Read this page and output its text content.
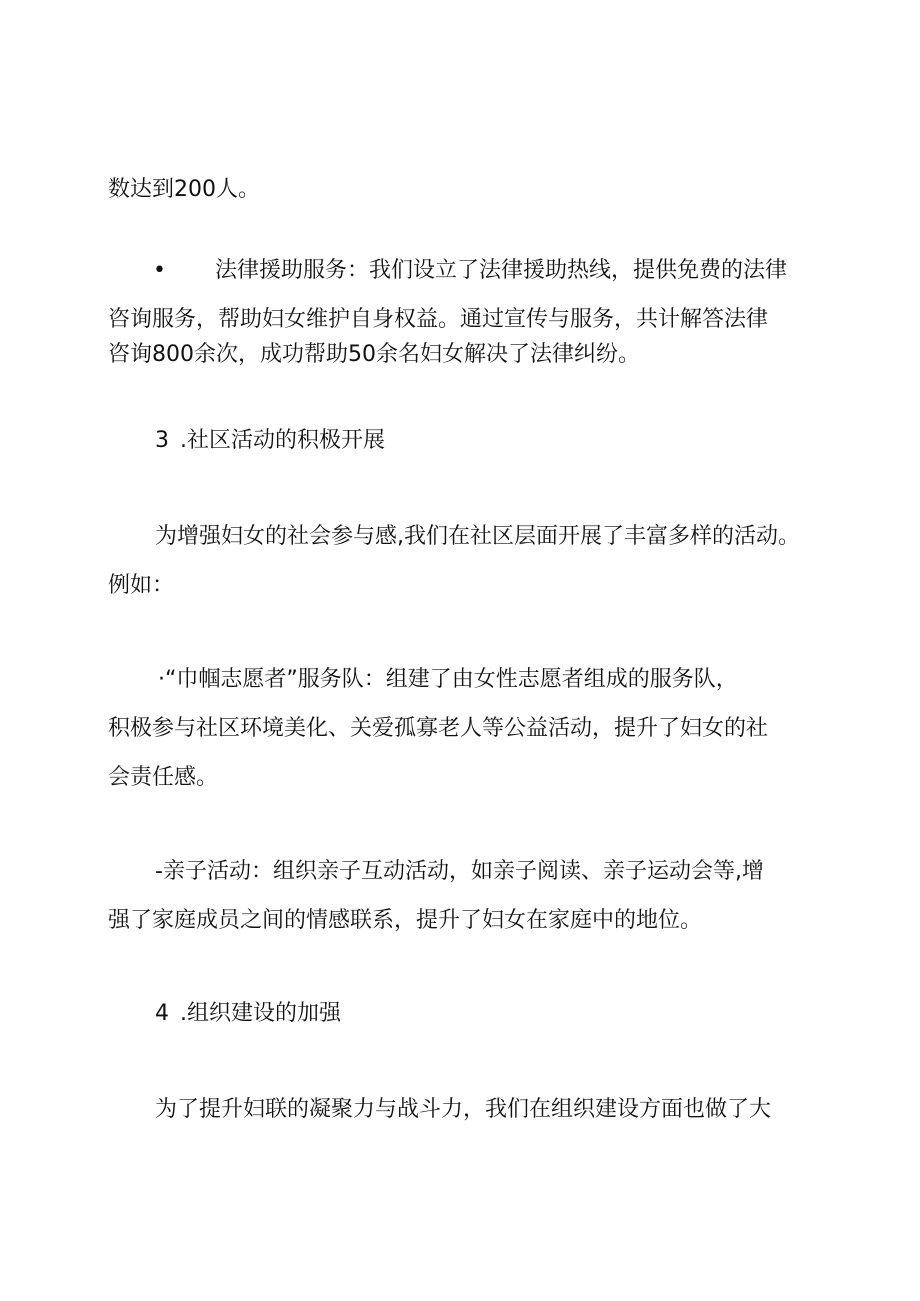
数达到200人。
• 法律援助服务：我们设立了法律援助热线，提供免费的法律
咨询服务，帮助妇女维护自身权益。通过宣传与服务，共计解答法律
咨询800余次，成功帮助50余名妇女解决了法律纠纷。
3 .社区活动的积极开展
为增强妇女的社会参与感,我们在社区层面开展了丰富多样的活动。
例如：
·“巾帼志愿者”服务队：组建了由女性志愿者组成的服务队，
积极参与社区环境美化、关爱孤寡老人等公益活动，提升了妇女的社
会责任感。
-亲子活动：组织亲子互动活动，如亲子阅读、亲子运动会等,增
强了家庭成员之间的情感联系，提升了妇女在家庭中的地位。
4 .组织建设的加强
为了提升妇联的凝聚力与战斗力，我们在组织建设方面也做了大
